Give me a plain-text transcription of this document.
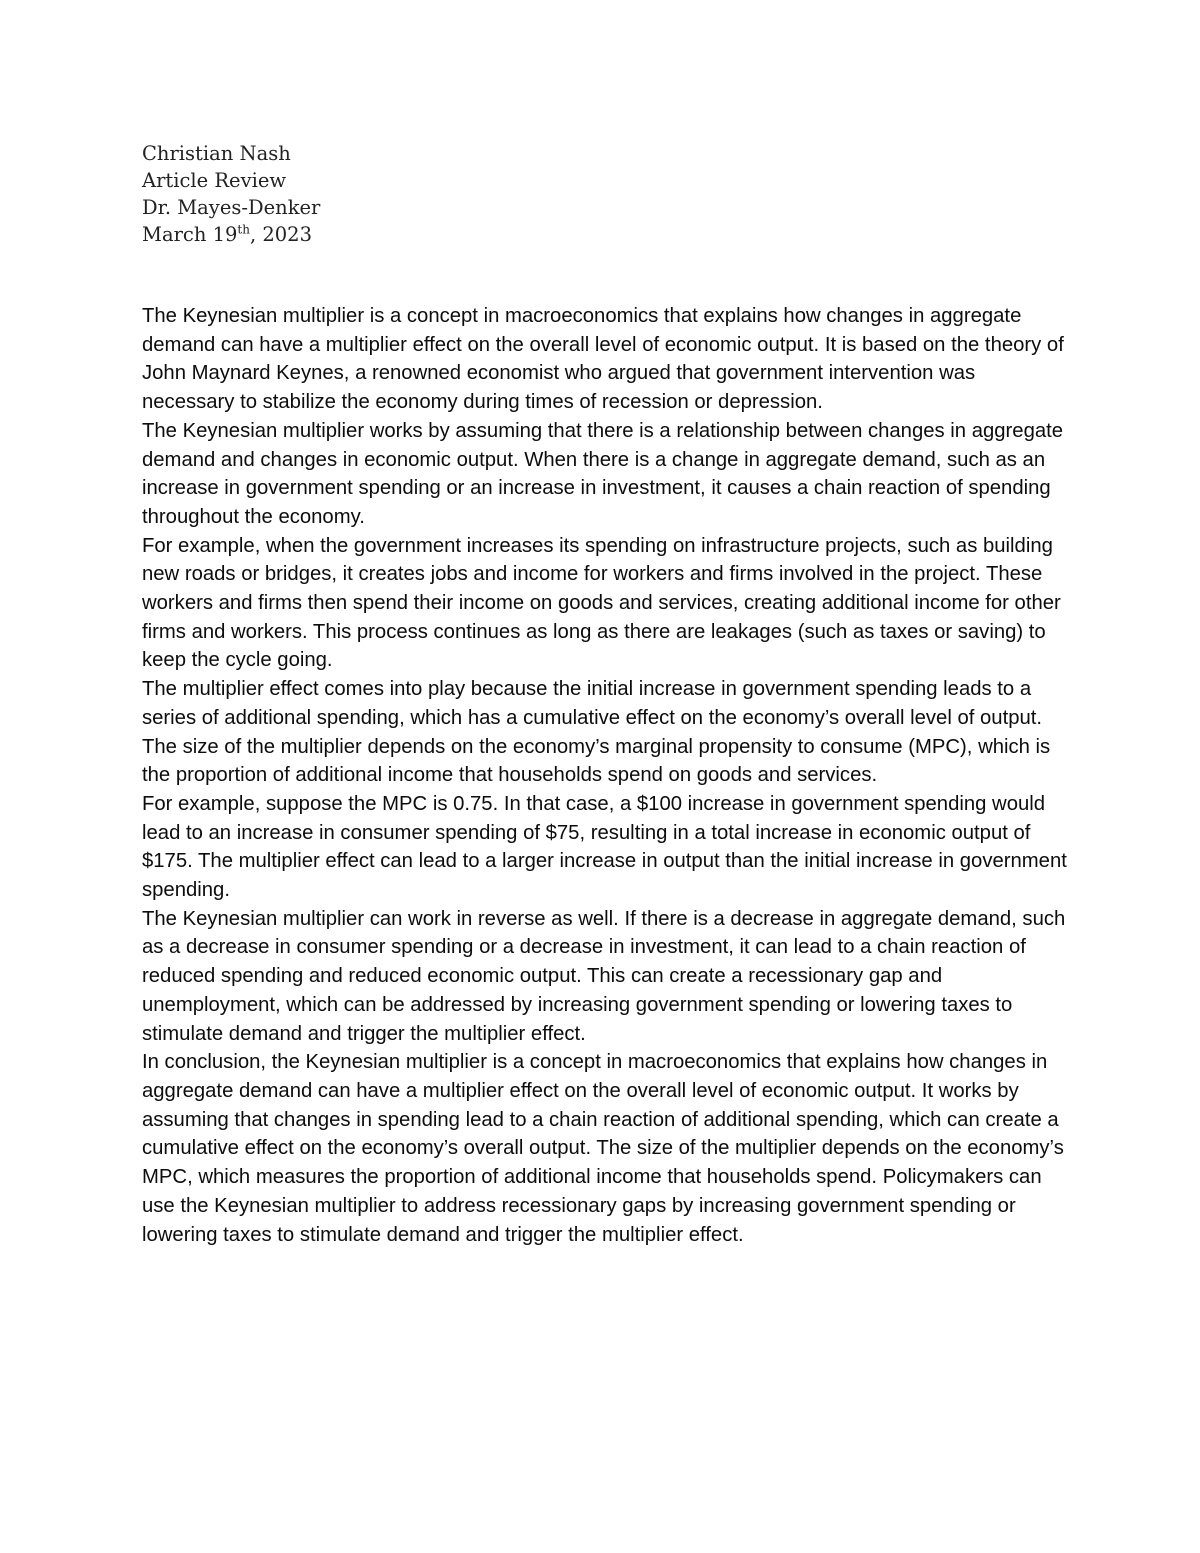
Christian Nash
Article Review
Dr. Mayes-Denker
March 19th, 2023

The Keynesian multiplier is a concept in macroeconomics that explains how changes in aggregate demand can have a multiplier effect on the overall level of economic output. It is based on the theory of John Maynard Keynes, a renowned economist who argued that government intervention was necessary to stabilize the economy during times of recession or depression.

The Keynesian multiplier works by assuming that there is a relationship between changes in aggregate demand and changes in economic output. When there is a change in aggregate demand, such as an increase in government spending or an increase in investment, it causes a chain reaction of spending throughout the economy.

For example, when the government increases its spending on infrastructure projects, such as building new roads or bridges, it creates jobs and income for workers and firms involved in the project. These workers and firms then spend their income on goods and services, creating additional income for other firms and workers. This process continues as long as there are leakages (such as taxes or saving) to keep the cycle going.

The multiplier effect comes into play because the initial increase in government spending leads to a series of additional spending, which has a cumulative effect on the economy’s overall level of output. The size of the multiplier depends on the economy’s marginal propensity to consume (MPC), which is the proportion of additional income that households spend on goods and services.

For example, suppose the MPC is 0.75. In that case, a $100 increase in government spending would lead to an increase in consumer spending of $75, resulting in a total increase in economic output of $175. The multiplier effect can lead to a larger increase in output than the initial increase in government spending.

The Keynesian multiplier can work in reverse as well. If there is a decrease in aggregate demand, such as a decrease in consumer spending or a decrease in investment, it can lead to a chain reaction of reduced spending and reduced economic output. This can create a recessionary gap and unemployment, which can be addressed by increasing government spending or lowering taxes to stimulate demand and trigger the multiplier effect.

In conclusion, the Keynesian multiplier is a concept in macroeconomics that explains how changes in aggregate demand can have a multiplier effect on the overall level of economic output. It works by assuming that changes in spending lead to a chain reaction of additional spending, which can create a cumulative effect on the economy’s overall output. The size of the multiplier depends on the economy’s MPC, which measures the proportion of additional income that households spend. Policymakers can use the Keynesian multiplier to address recessionary gaps by increasing government spending or lowering taxes to stimulate demand and trigger the multiplier effect.
